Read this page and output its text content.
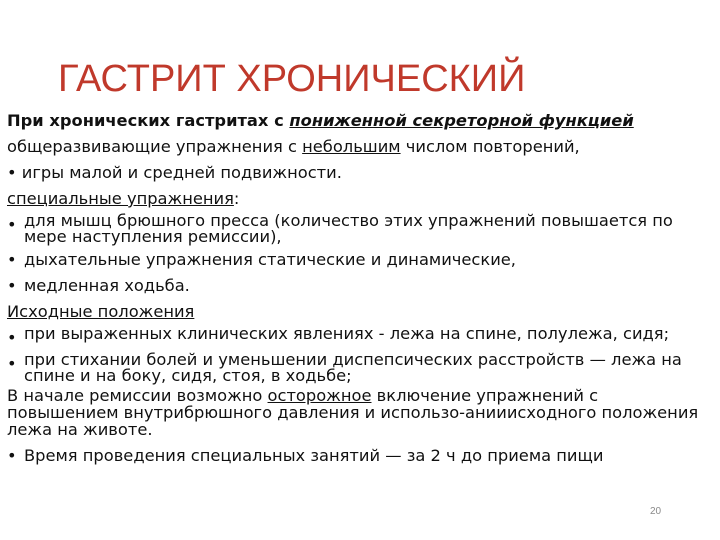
ГАСТРИТ ХРОНИЧЕСКИЙ
При хронических гастритах с пониженной секреторной функцией
общеразвивающие упражнения с небольшим числом повторений,
• игры малой и средней подвижности.
специальные упражнения:
• для мышц брюшного пресса (количество этих упражнений повышается по мере наступления ремиссии),
• дыхательные упражнения статические и динамические,
• медленная ходьба.
Исходные положения
• при выраженных клинических явлениях - лежа на спине, полулежа, сидя;
• при стихании болей и уменьшении диспепсических расстройств — лежа на спине и на боку, сидя, стоя, в ходьбе;
В начале ремиссии возможно осторожное включение упражнений с повышением внутрибрюшного давления и использо-анииисходного положения лежа на животе.
• Время проведения специальных занятий — за 2 ч до приема пищи
20
